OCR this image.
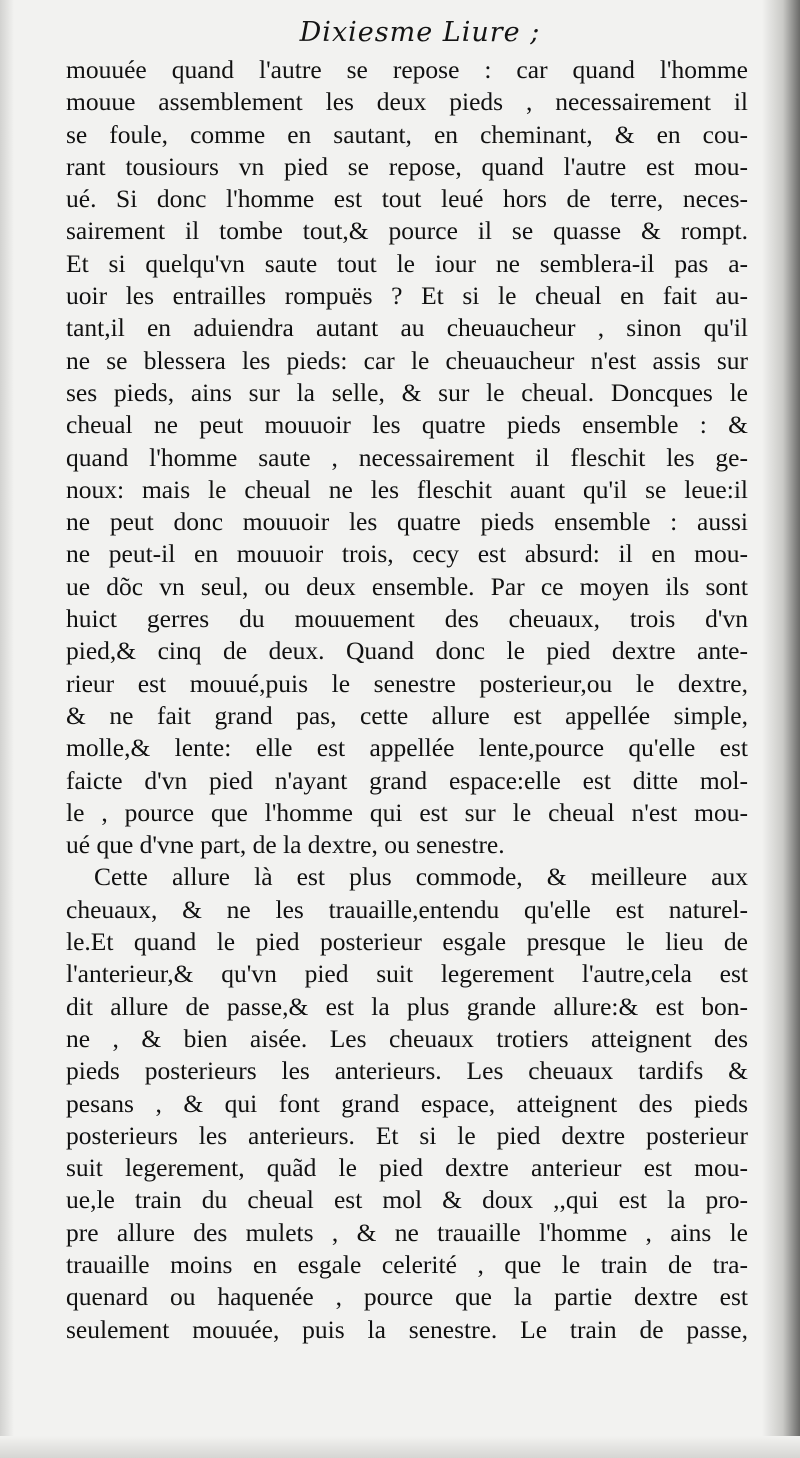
Dixiesme Liure ;
mouuée quand l'autre se repose : car quand l'homme
mouue assemblement les deux pieds , necessairement il
se foule, comme en sautant, en cheminant, & en cou-
rant tousiours vn pied se repose, quand l'autre est mou-
ué. Si donc l'homme est tout leué hors de terre, neces-
sairement il tombe tout,& pource il se quasse & rompt.
Et si quelqu'vn saute tout le iour ne semblera-il pas a-
uoir les entrailles rompuës ? Et si le cheual en fait au-
tant,il en aduiendra autant au cheuaucheur , sinon qu'il
ne se blessera les pieds: car le cheuaucheur n'est assis sur
ses pieds, ains sur la selle, & sur le cheual. Doncques le
cheual ne peut mouuoir les quatre pieds ensemble : &
quand l'homme saute , necessairement il fleschit les ge-
noux: mais le cheual ne les fleschit auant qu'il se leue:il
ne peut donc mouuoir les quatre pieds ensemble : aussi
ne peut-il en mouuoir trois, cecy est absurd: il en mou-
ue dõc vn seul, ou deux ensemble. Par ce moyen ils sont
huict gerres du mouuement des cheuaux, trois d'vn
pied,& cinq de deux. Quand donc le pied dextre ante-
rieur est mouué,puis le senestre posterieur,ou le dextre,
& ne fait grand pas, cette allure est appellée simple,
molle,& lente: elle est appellée lente,pource qu'elle est
faicte d'vn pied n'ayant grand espace:elle est ditte mol-
le , pource que l'homme qui est sur le cheual n'est mou-
ué que d'vne part, de la dextre, ou senestre.
Cette allure là est plus commode, & meilleure aux
cheuaux, & ne les trauaille,entendu qu'elle est naturel-
le.Et quand le pied posterieur esgale presque le lieu de
l'anterieur,& qu'vn pied suit legerement l'autre,cela est
dit allure de passe,& est la plus grande allure:& est bon-
ne , & bien aisée. Les cheuaux trotiers atteignent des
pieds posterieurs les anterieurs. Les cheuaux tardifs &
pesans , & qui font grand espace, atteignent des pieds
posterieurs les anterieurs. Et si le pied dextre posterieur
suit legerement, quãd le pied dextre anterieur est mou-
ue,le train du cheual est mol & doux ,,qui est la pro-
pre allure des mulets , & ne trauaille l'homme , ains le
trauaille moins en esgale celerité , que le train de tra-
quenard ou haquenée , pource que la partie dextre est
seulement mouuée, puis la senestre. Le train de passe,
